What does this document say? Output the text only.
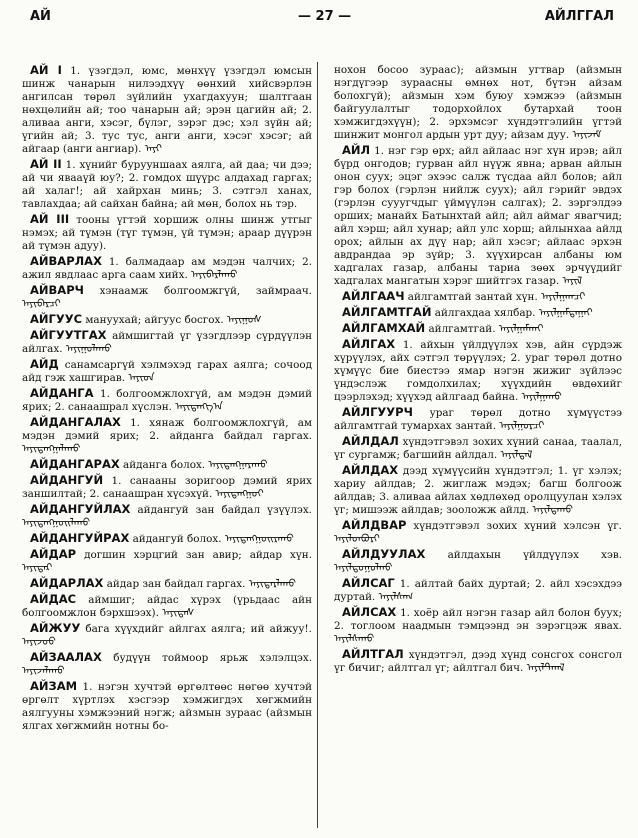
АЙ	— 27 —	АЙЛГГАЛ

АЙ I 1. үзэгдэл, юмс, мөнхүү үзэгдэл юмсын шинж чанарын нилээдхүү өөнхий хийсвэрлэн ангилсан төрөл зүйлийн ухагдахуун; шалтгаан нөхцөлийн ай; тоо чанарын ай; эрэн цагийн ай; 2. аливаа анги, хэсэг, бүлэг, зэрэг дэс; хэл зүйн ай; үгийн ай; 3. тус тус, анги анги, хэсэг хэсэг; ай айгаар (анги ангиар). ᠠᠶᠢ

АЙ II 1. хүнийг бурууншаах аялга, ай даа; чи дээ; ай чи явааүй юу?; 2. гомдох шүүрс алдахад гаргах; ай халаг!; ай хайрхан минь; 3. сэтгэл ханах, тавлахдаа; ай сайхан байна; ай мөн, болох нь тэр.

АЙ III тооны үгтэй хоршиж олны шинж утгыг нэмэх; ай түмэн (түг түмэн, үй түмэн; араар дүүрэн ай түмэн адуу).

АЙВАРЛАХ 1. балмадаар ам мэдэн чалчих; 2. ажил явдлаас арга саам хийх. ᠠᠶᠢᠪᠠᠷᠯᠠᠬᠤ

АЙВАРЧ хэнаамж болгоомжгүй, займраач. ᠠᠶᠢᠪᠠᠷᠴᠢ

АЙГУУС манууxай; айгууc босгох. ᠠᠶᠢᠭᠤᠰ

АЙГУУТГАХ аймшигтай үг үзэгдлээр сүрдүүлэн айлгах. ᠠᠶᠢᠭᠤᠯᠠᠬᠤ

АЙД санамсаргүй хэлмэхэд гарах аялга; сочоод айд гэж хашгирав. ᠠᠶᠢᠳ

АЙДАНГА 1. болгоомжлохгүй, ам мэдэн дэмий ярих; 2. санаашрал хүслэн. ᠠᠶᠢᠳᠠᠩᠭ᠎ᠠ

АЙДАНГАЛАХ 1. хянаж болгоомжлохгүй, ам мэдэн дэмий ярих; 2. айданга байдал гаргах. ᠠᠶᠢᠳᠠᠩᠭᠠᠯᠠᠬᠤ

АЙДАНГАРАХ айданга болох. ᠠᠶᠢᠳᠠᠩᠭᠠᠷᠠᠬᠤ

АЙДАНГУЙ 1. санааны зоригоор дэмий ярих заншилтай; 2. санаашран хүсэхүй. ᠠᠶᠢᠳᠠᠩᠭᠤᠢ

АЙДАНГУЙЛАХ айдангуй зан байдал үзүүлэх. ᠠᠶᠢᠳᠠᠩᠭᠤᠢᠯᠠᠬᠤ

АЙДАНГУЙРАХ айдангуй болох. ᠠᠶᠢᠳᠠᠩᠭᠤᠢᠷᠠᠬᠤ

АЙДАР догшин хэрцгий зан авир; айдар хүн. ᠠᠶᠢᠳᠠᠷ

АЙДАРЛАХ айдар зан байдал гаргах. ᠠᠶᠢᠳᠠᠷᠯᠠᠬᠤ

АЙДАС аймшиг; айдас хүрэх (үрьдаас айн болгоомжлон бэрхшээх). ᠠᠶᠢᠳᠠᠰ

АЙЖУУ бага хүүхдийг айлгах аялга; ий айжуу!. ᠠᠶᠢᠵᠤᠤ

АЙЗААЛАХ будүүн тоймоор ярьж хэлэлцэх. ᠠᠶᠢᠵᠠᠯᠠᠬᠤ

АЙЗАМ 1. нэгэн хучтэй өргөлтөөс нөгөө хучтэй өргөлт хүртлэх хэсгээр хэмжигдэх хөгжмийн аялгууны хэмжээний нэгж; айзмын зураас (айзмын ялгах хөгжмийн нотны бо-

нохон босоо зураас); айзмын угтвар (айзмын нэгдүгээр зураасны өмнөх нот, бүтэн айзам болохгүй); айзмын хэм буюу хэмжээ (айзмын байгуулалтыг тодорхойлох бутархай тоон хэмжигдэхүүн); 2. эрхэмсэг хүндэтгэлийн үгтэй шинжит монгол ардын урт дуу; айзам дуу. ᠠᠶᠢᠵᠠᠮ

АЙЛ 1. нэг гэр өрх; айл айлаас нэг хүн ирэв; айл бүрд онгодов; гурван айл нүүж явна; арван айлын онон суух; эцэг эхээс салж түсдаа айл болов; айл гэр болох (гэрлэн нийлж суух); айл гэрийг эвдэх (гэрлэн сууугчдыг үймүүлэн салгах); 2. зэргэлдээ орших; манайх Батынхтай айл; айл аймаг явагчид; айл хэрш; айл хунар; айл улс хорш; айлынхаа айлд орох; айлын ах дүү нар; айл хэсэг; айлаас эрхэн авдрандаа эр зүйр; 3. хүүхирсан албаны юм хадгалах газар, албаны тариа зөөх эрчүүдийг хадгалах мангатын хэрэг шийтгэх газар. ᠠᠶᠢᠯ

АЙЛГААЧ айлгамтгай зантай хүн. ᠠᠶᠢᠯᠭᠠᠭᠴᠢ

АЙЛГАМТГАЙ айлгахдаа хялбар. ᠠᠶᠢᠯᠭᠠᠮᠲᠠᠭᠠᠢ

АЙЛГАМХАЙ айлгамтгай. ᠠᠶᠢᠯᠭᠠᠮᠬᠠᠢ

АЙЛГАХ 1. айхын үйлдүүлэх хэв, айн сүрдэж хүрүүлэх, айх сэтгэл төрүүлэх; 2. ураг төрөл дотно хүмүүс бие биестээ ямар нэгэн жижиг зүйлээс үндэслэж гомдолхилах; хүүхдийн өвдөхийг цээрлэхэд; хүүхэд айлгаад байна. ᠠᠶᠢᠯᠭᠠᠬᠤ

АЙЛГУУРЧ ураг төрөл дотно хүмүүстээ айлгамтгай тумархах зантай. ᠠᠶᠢᠯᠭᠤᠷᠴᠢ

АЙЛДАЛ хүндэтгэвэл зохих хүний санаа, таалал, үг сургамж; багшийн айлдал. ᠠᠶᠢᠯᠳᠠᠯ

АЙЛДАХ дээд хүмүүсийн хүндэтгэл; 1. үг хэлэх; хариу айлдав; 2. жиглаж мэдэх; багш болгоож айлдав; 3. аливаа айлах хөдлөхөд оролцуулан хэлэх үг; мишээж айлдав; зооложж айлд. ᠠᠶᠢᠯᠳᠠᠬᠤ

АЙЛДВАР хүндэтгэвэл зохих хүний хэлсэн үг. ᠠᠶᠢᠯᠳᠪᠤᠷᠢ

АЙЛДУУЛАХ айлдахын үйлдүүлэх хэв. ᠠᠶᠢᠯᠳᠤᠭᠤᠯᠬᠤ

АЙЛСАГ 1. айлтай байх дуртай; 2. айл хэсэхдээ дуртай. ᠠᠶᠢᠯᠰᠠᠭ

АЙЛСАХ 1. хоёр айл нэгэн газар айл болон буух; 2. тоглоом наадмын тэмцээнд эн зэрэгцэж явах. ᠠᠶᠢᠯᠰᠠᠬᠤ

АЙЛТГАЛ хүндэтгэл, дээд хүнд сонсгох сонсгол үг бичиг; айлтгал үг; айлтгал бич. ᠠᠶᠢᠯᠲᠬᠠᠯ
